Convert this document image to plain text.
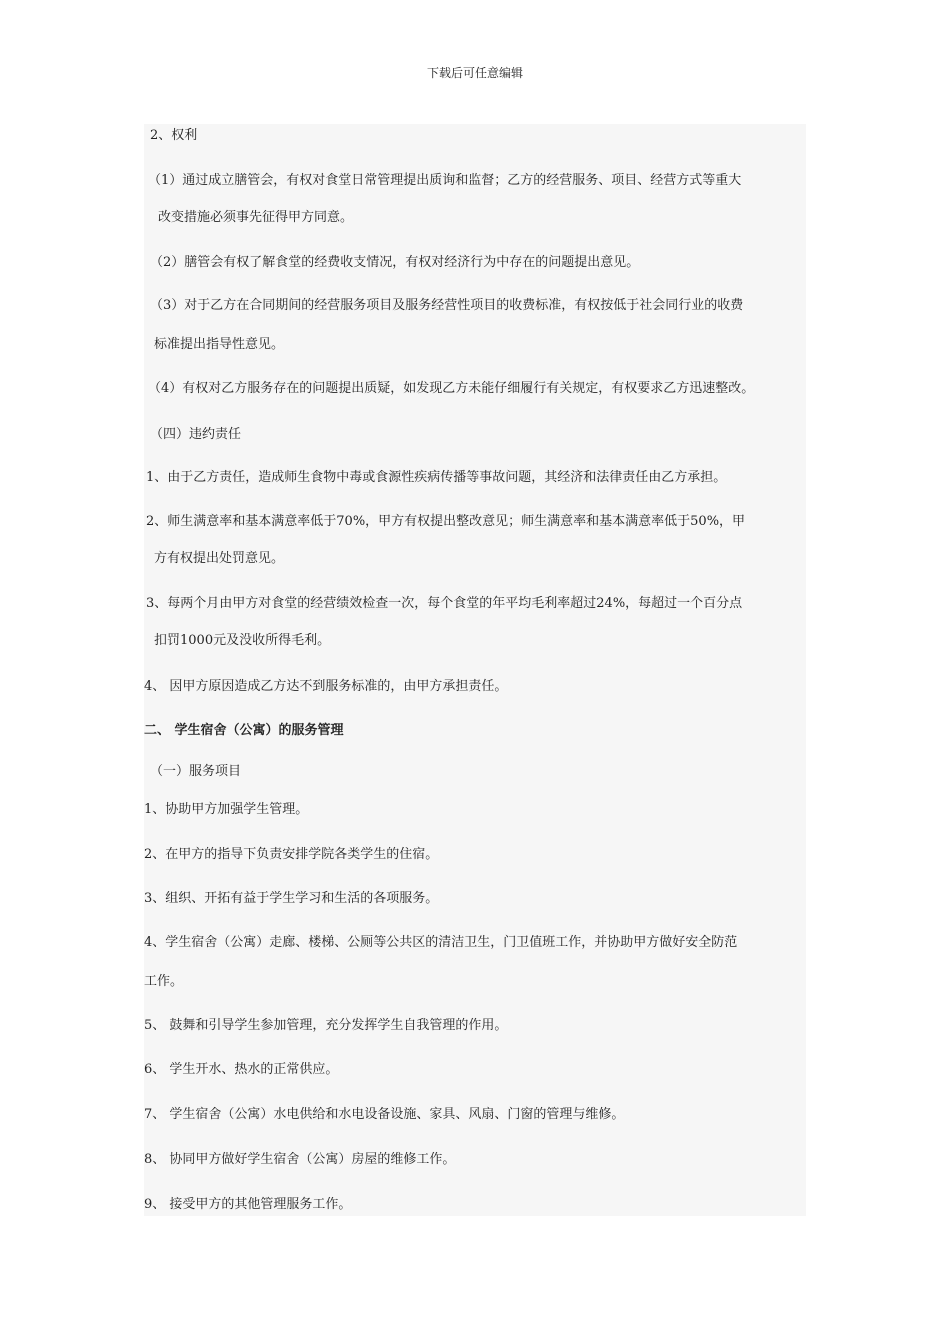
下载后可任意编辑
2、权利
（1）通过成立膳管会，有权对食堂日常管理提出质询和监督；乙方的经营服务、项目、经营方式等重大
改变措施必须事先征得甲方同意。
（2）膳管会有权了解食堂的经费收支情况，有权对经济行为中存在的问题提出意见。
（3）对于乙方在合同期间的经营服务项目及服务经营性项目的收费标准，有权按低于社会同行业的收费
标准提出指导性意见。
（4）有权对乙方服务存在的问题提出质疑，如发现乙方未能仔细履行有关规定，有权要求乙方迅速整改。
（四）违约责任
1、由于乙方责任，造成师生食物中毒或食源性疾病传播等事故问题，其经济和法律责任由乙方承担。
2、师生满意率和基本满意率低于70%，甲方有权提出整改意见；师生满意率和基本满意率低于50%，甲
方有权提出处罚意见。
3、每两个月由甲方对食堂的经营绩效检查一次，每个食堂的年平均毛利率超过24%，每超过一个百分点
扣罚1000元及没收所得毛利。
4、 因甲方原因造成乙方达不到服务标准的，由甲方承担责任。
二、 学生宿舍（公寓）的服务管理
（一）服务项目
1、协助甲方加强学生管理。
2、在甲方的指导下负责安排学院各类学生的住宿。
3、组织、开拓有益于学生学习和生活的各项服务。
4、学生宿舍（公寓）走廊、楼梯、公厕等公共区的清洁卫生，门卫值班工作，并协助甲方做好安全防范
工作。
5、 鼓舞和引导学生参加管理，充分发挥学生自我管理的作用。
6、 学生开水、热水的正常供应。
7、 学生宿舍（公寓）水电供给和水电设备设施、家具、风扇、门窗的管理与维修。
8、 协同甲方做好学生宿舍（公寓）房屋的维修工作。
9、 接受甲方的其他管理服务工作。
